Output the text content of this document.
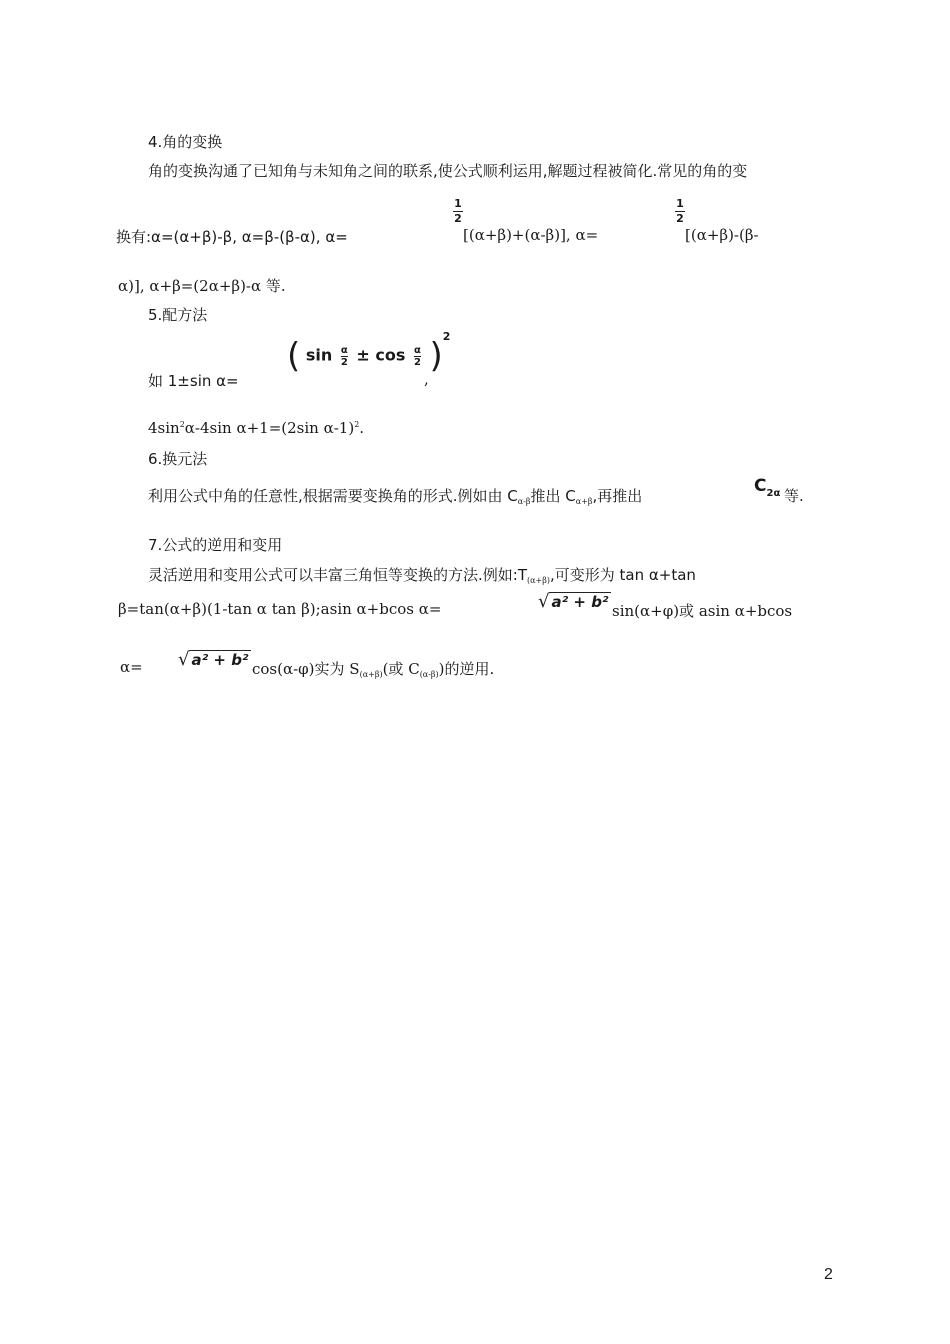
4.角的变换
角的变换沟通了已知角与未知角之间的联系,使公式顺利运用,解题过程被简化.常见的角的变
换有:α=(α+β)-β, α=β-(β-α), α=
1
2
[(α+β)+(α-β)], α=
1
2
[(α+β)-(β-
α)], α+β=(2α+β)-α 等.
5.配方法
如 1±sin α=
( $\sin \frac{\alpha}{2} \pm \cos \frac{\alpha}{2} )^2$
,
$4\sin^2\alpha-4\sin$ α+1=(2sin α-1)$^2$.
6.换元法
利用公式中角的任意性,根据需要变换角的形式.例如由 $C_{\alpha-\beta}$推出 $C_{\alpha+\beta}$,再推出	$C_{2\alpha}$ 等.
7.公式的逆用和变用
灵活逆用和变用公式可以丰富三角恒等变换的方法.例如$:T_{(\alpha+\beta)}$,可变形为 tan α+tan
β=tan(α+β)(1-tan α tan β);asin α+bcos α=	√ a² + b² sin(α+φ)或 asin α+bcos
α= √ a² + b² cos(α-φ)实为 $S_{(\alpha+\beta)}$(或 $C_{(\alpha-\beta)}$)的逆用.
2
